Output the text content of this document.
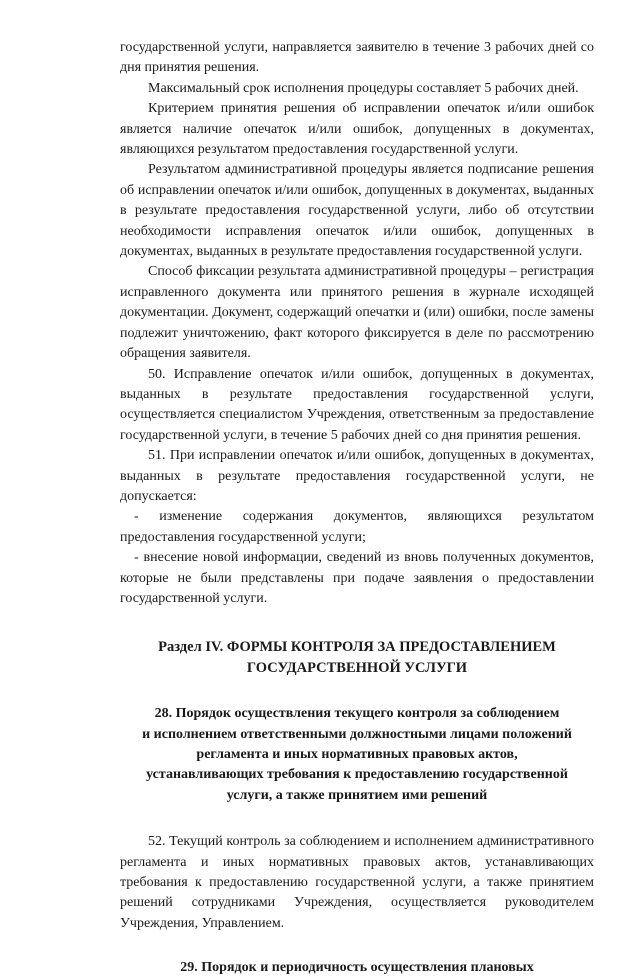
государственной услуги, направляется заявителю в течение 3 рабочих дней со дня принятия решения.

Максимальный срок исполнения процедуры составляет 5 рабочих дней.

Критерием принятия решения об исправлении опечаток и/или ошибок является наличие опечаток и/или ошибок, допущенных в документах, являющихся результатом предоставления государственной услуги.

Результатом административной процедуры является подписание решения об исправлении опечаток и/или ошибок, допущенных в документах, выданных в результате предоставления государственной услуги, либо об отсутствии необходимости исправления опечаток и/или ошибок, допущенных в документах, выданных в результате предоставления государственной услуги.

Способ фиксации результата административной процедуры – регистрация исправленного документа или принятого решения в журнале исходящей документации. Документ, содержащий опечатки и (или) ошибки, после замены подлежит уничтожению, факт которого фиксируется в деле по рассмотрению обращения заявителя.

50. Исправление опечаток и/или ошибок, допущенных в документах, выданных в результате предоставления государственной услуги, осуществляется специалистом Учреждения, ответственным за предоставление государственной услуги, в течение 5 рабочих дней со дня принятия решения.

51. При исправлении опечаток и/или ошибок, допущенных в документах, выданных в результате предоставления государственной услуги, не допускается:

- изменение содержания документов, являющихся результатом предоставления государственной услуги;

- внесение новой информации, сведений из вновь полученных документов, которые не были представлены при подаче заявления о предоставлении государственной услуги.

Раздел IV. ФОРМЫ КОНТРОЛЯ ЗА ПРЕДОСТАВЛЕНИЕМ
ГОСУДАРСТВЕННОЙ УСЛУГИ
28. Порядок осуществления текущего контроля за соблюдением
и исполнением ответственными должностными лицами положений
регламента и иных нормативных правовых актов,
устанавливающих требования к предоставлению государственной
услуги, а также принятием ими решений

52. Текущий контроль за соблюдением и исполнением административного регламента и иных нормативных правовых актов, устанавливающих требования к предоставлению государственной услуги, а также принятием решений сотрудниками Учреждения, осуществляется руководителем Учреждения, Управлением.

29. Порядок и периодичность осуществления плановых
